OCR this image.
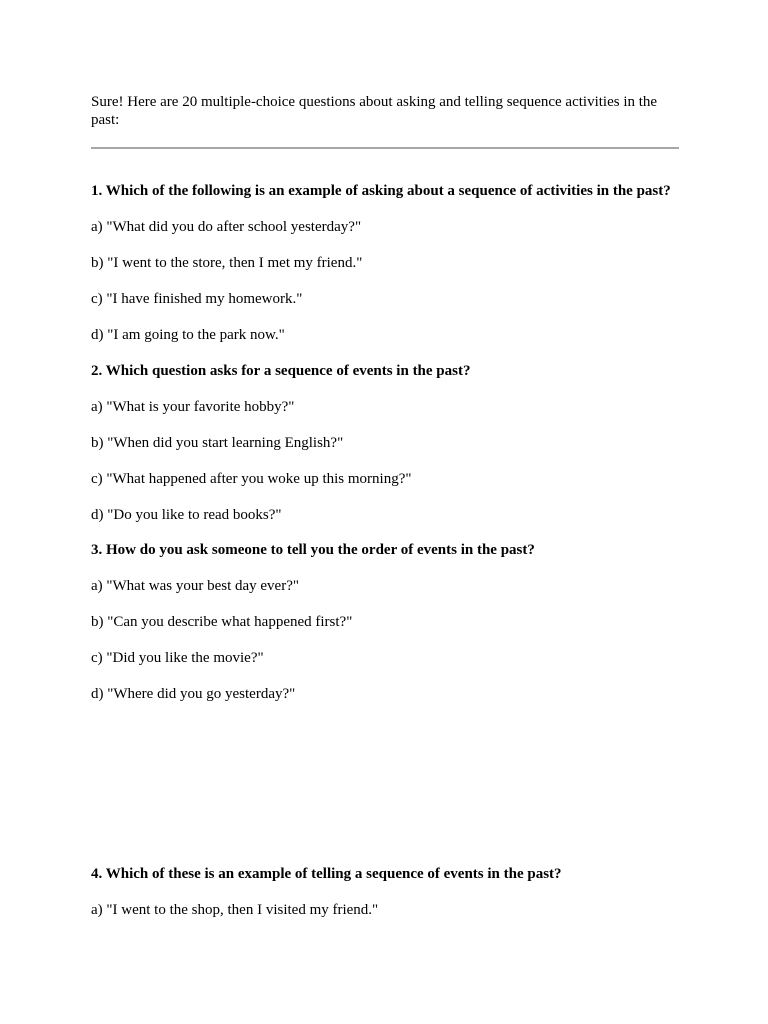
Sure! Here are 20 multiple-choice questions about asking and telling sequence activities in the past:

1. Which of the following is an example of asking about a sequence of activities in the past?

a) "What did you do after school yesterday?"

b) "I went to the store, then I met my friend."

c) "I have finished my homework."

d) "I am going to the park now."

2. Which question asks for a sequence of events in the past?

a) "What is your favorite hobby?"

b) "When did you start learning English?"

c) "What happened after you woke up this morning?"

d) "Do you like to read books?"

3. How do you ask someone to tell you the order of events in the past?

a) "What was your best day ever?"

b) "Can you describe what happened first?"

c) "Did you like the movie?"

d) "Where did you go yesterday?"

4. Which of these is an example of telling a sequence of events in the past?

a) "I went to the shop, then I visited my friend."
